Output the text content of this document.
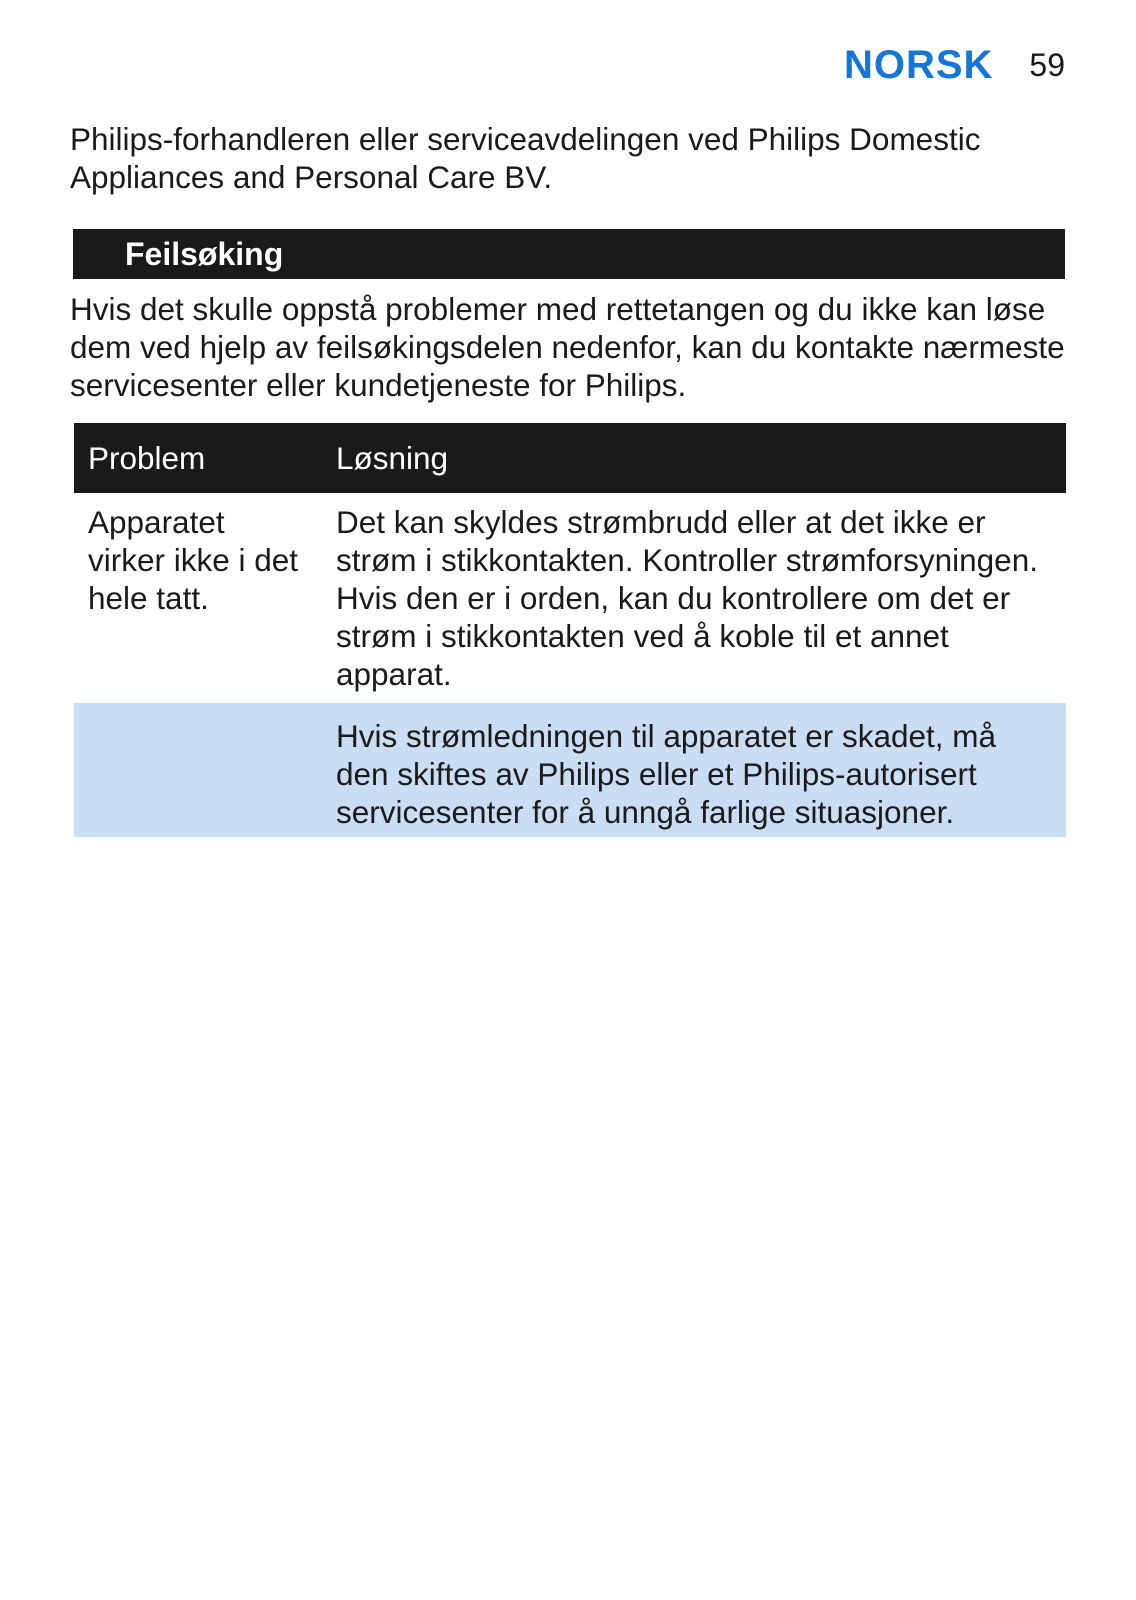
NORSK 59
Philips-forhandleren eller serviceavdelingen ved Philips Domestic Appliances and Personal Care BV.
Feilsøking
Hvis det skulle oppstå problemer med rettetangen og du ikke kan løse dem ved hjelp av feilsøkingsdelen nedenfor, kan du kontakte nærmeste servicesenter eller kundetjeneste for Philips.
Problem	Løsning
Apparatet virker ikke i det hele tatt.
Det kan skyldes strømbrudd eller at det ikke er strøm i stikkontakten. Kontroller strømforsyningen. Hvis den er i orden, kan du kontrollere om det er strøm i stikkontakten ved å koble til et annet apparat.
Hvis strømledningen til apparatet er skadet, må den skiftes av Philips eller et Philips-autorisert servicesenter for å unngå farlige situasjoner.
